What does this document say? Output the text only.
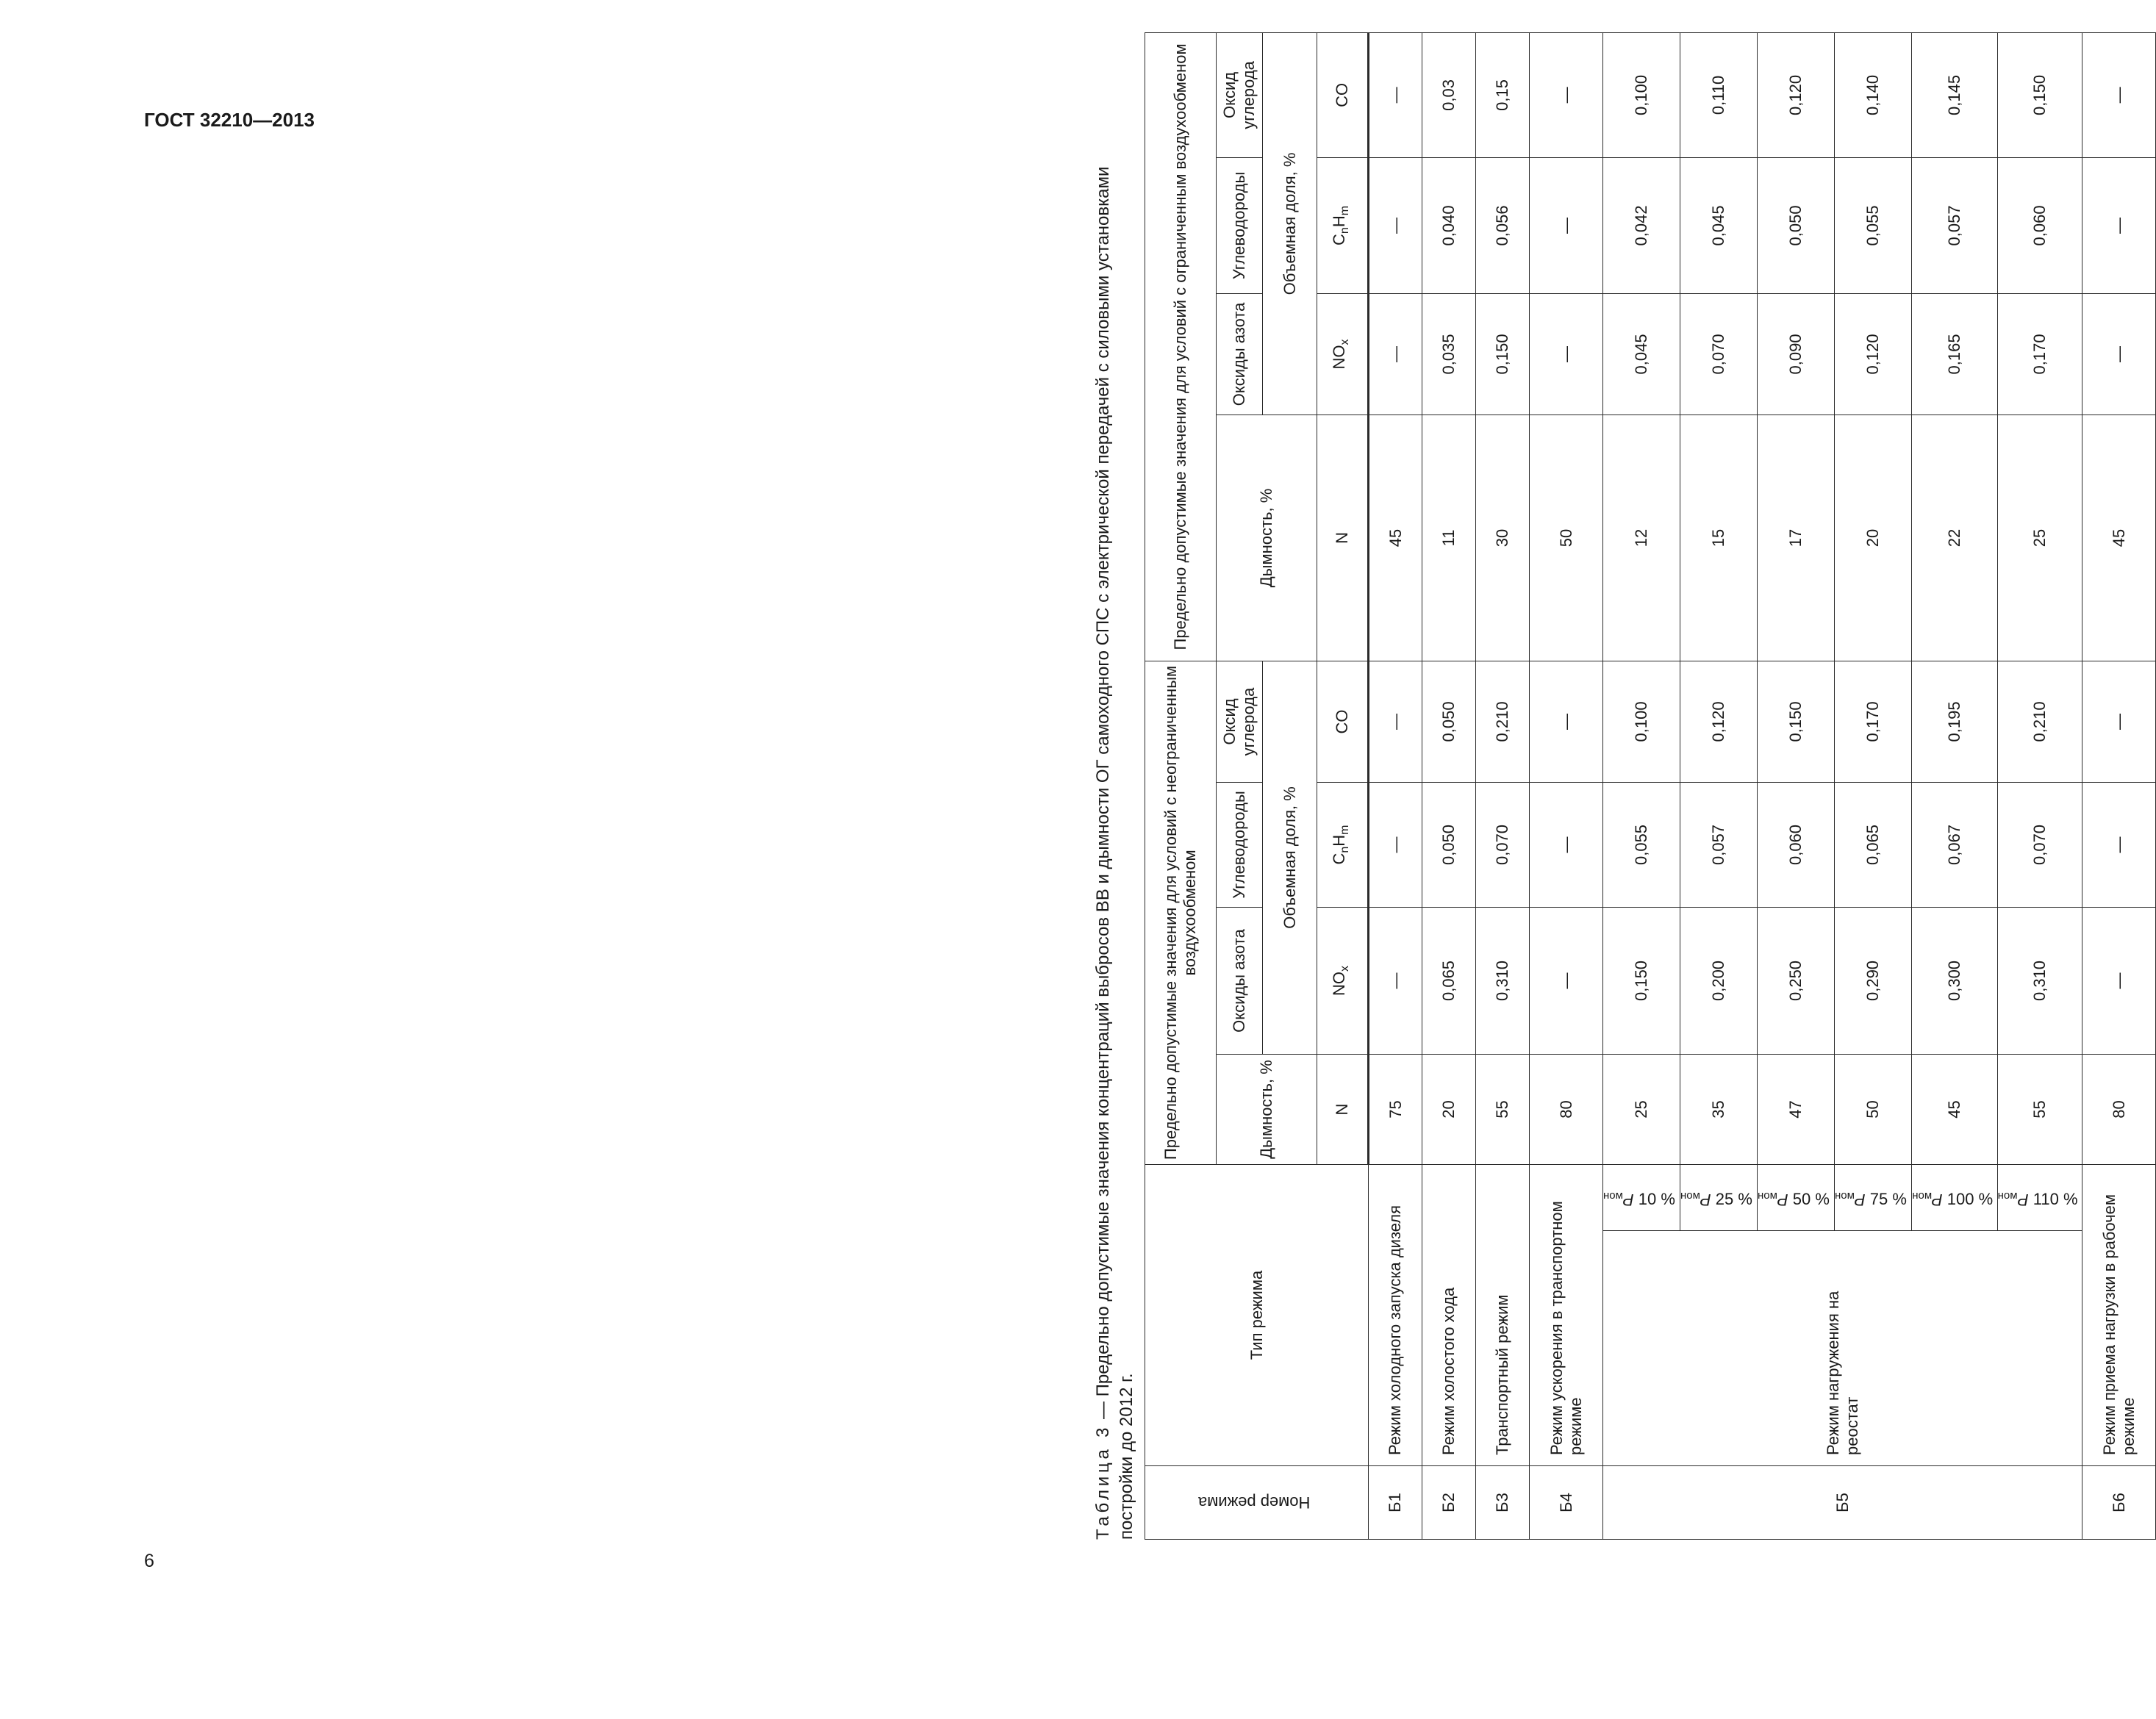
ГОСТ 32210—2013
6
Таблица 3 — Предельно допустимые значения концентраций выбросов ВВ и дымности ОГ самоходного СПС с электрической передачей с силовыми установками постройки до 2012 г.	Номер режима	Тип режима		Предельно допустимые значения для условий с неограниченным воздухообменом				Предельно допустимые значения для условий с ограниченным воздухообменом			
			Дымность, %	Оксиды азота	Углеводороды	Оксид углерода	Дымность, %	Оксиды азота	Углеводороды	Оксид углерода
				Объемная доля, %				Объемная доля, %		
			N	$NO_x$	$C_nH_m$	CO	N	$NO_x$	$C_nH_m$	CO
Б1	Режим холодного запуска дизеля		75	—	—	—	45	—	—	—
Б2	Режим холостого хода		20	0,065	0,050	0,050	11	0,035	0,040	0,03
Б3	Транспортный режим		55	0,310	0,070	0,210	30	0,150	0,056	0,15
Б4	Режим ускорения в транспортном режиме		80	—	—	—	50	—	—	—
Б5	Режим нагружения на реостат	10 % Pном	25	0,150	0,055	0,100	12	0,045	0,042	0,100
		25 % Pном	35	0,200	0,057	0,120	15	0,070	0,045	0,110
		50 % Pном	47	0,250	0,060	0,150	17	0,090	0,050	0,120
		75 % Pном	50	0,290	0,065	0,170	20	0,120	0,055	0,140
		100 % Pном	45	0,300	0,067	0,195	22	0,165	0,057	0,145
		110 % Pном	55	0,310	0,070	0,210	25	0,170	0,060	0,150
Б6	Режим приема нагрузки в рабочем режиме		80	—	—	—	45	—	—	—
